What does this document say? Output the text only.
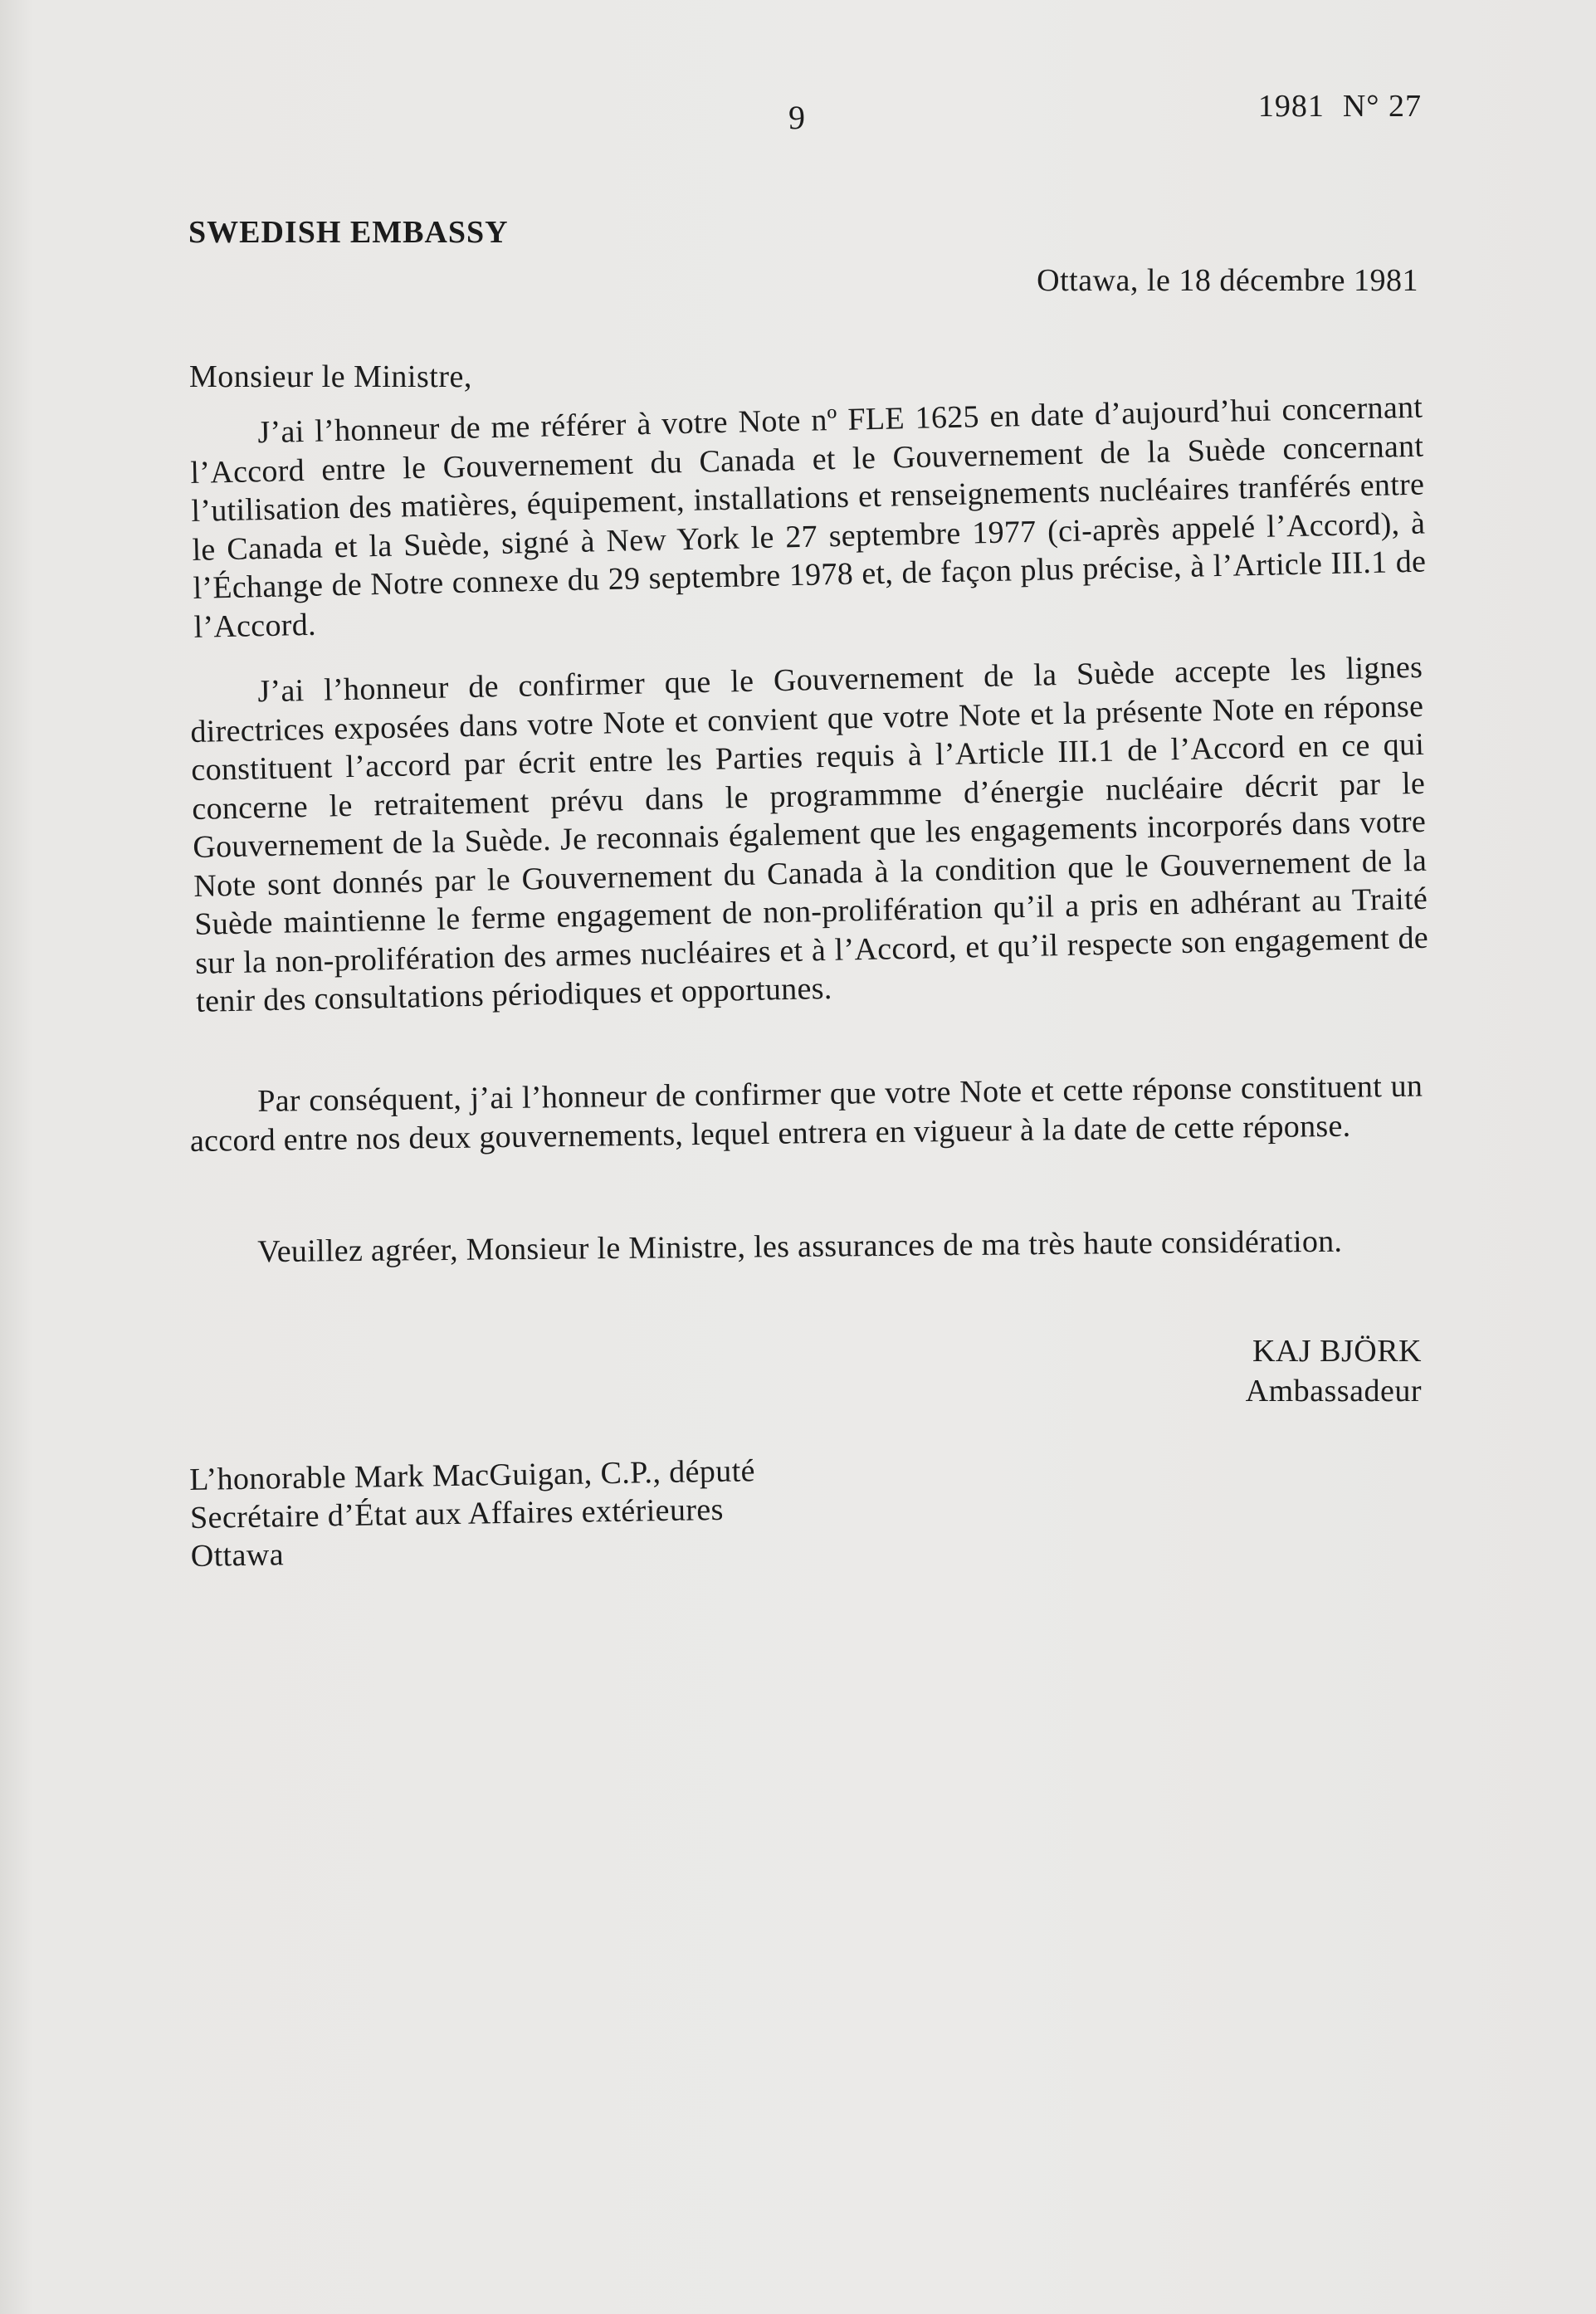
9	1981 N° 27
SWEDISH EMBASSY
Ottawa, le 18 décembre 1981
Monsieur le Ministre,
J’ai l’honneur de me référer à votre Note nº FLE 1625 en date d’aujourd’hui concernant l’Accord entre le Gouvernement du Canada et le Gouvernement de la Suède concernant l’utilisation des matières, équipement, installations et renseignements nucléaires tranférés entre le Canada et la Suède, signé à New York le 27 septembre 1977 (ci-après appelé l’Accord), à l’Échange de Notre connexe du 29 septembre 1978 et, de façon plus précise, à l’Article III.1 de l’Accord.
J’ai l’honneur de confirmer que le Gouvernement de la Suède accepte les lignes directrices exposées dans votre Note et convient que votre Note et la présente Note en réponse constituent l’accord par écrit entre les Parties requis à l’Article III.1 de l’Accord en ce qui concerne le retraitement prévu dans le programmme d’énergie nucléaire décrit par le Gouvernement de la Suède. Je reconnais également que les engagements incorporés dans votre Note sont donnés par le Gouvernement du Canada à la condition que le Gouvernement de la Suède maintienne le ferme engagement de non-prolifération qu’il a pris en adhérant au Traité sur la non-prolifération des armes nucléaires et à l’Accord, et qu’il respecte son engagement de tenir des consultations périodiques et opportunes.
Par conséquent, j’ai l’honneur de confirmer que votre Note et cette réponse constituent un accord entre nos deux gouvernements, lequel entrera en vigueur à la date de cette réponse.
Veuillez agréer, Monsieur le Ministre, les assurances de ma très haute considération.
KAJ BJÖRK
Ambassadeur
L’honorable Mark MacGuigan, C.P., député
Secrétaire d’État aux Affaires extérieures
Ottawa
